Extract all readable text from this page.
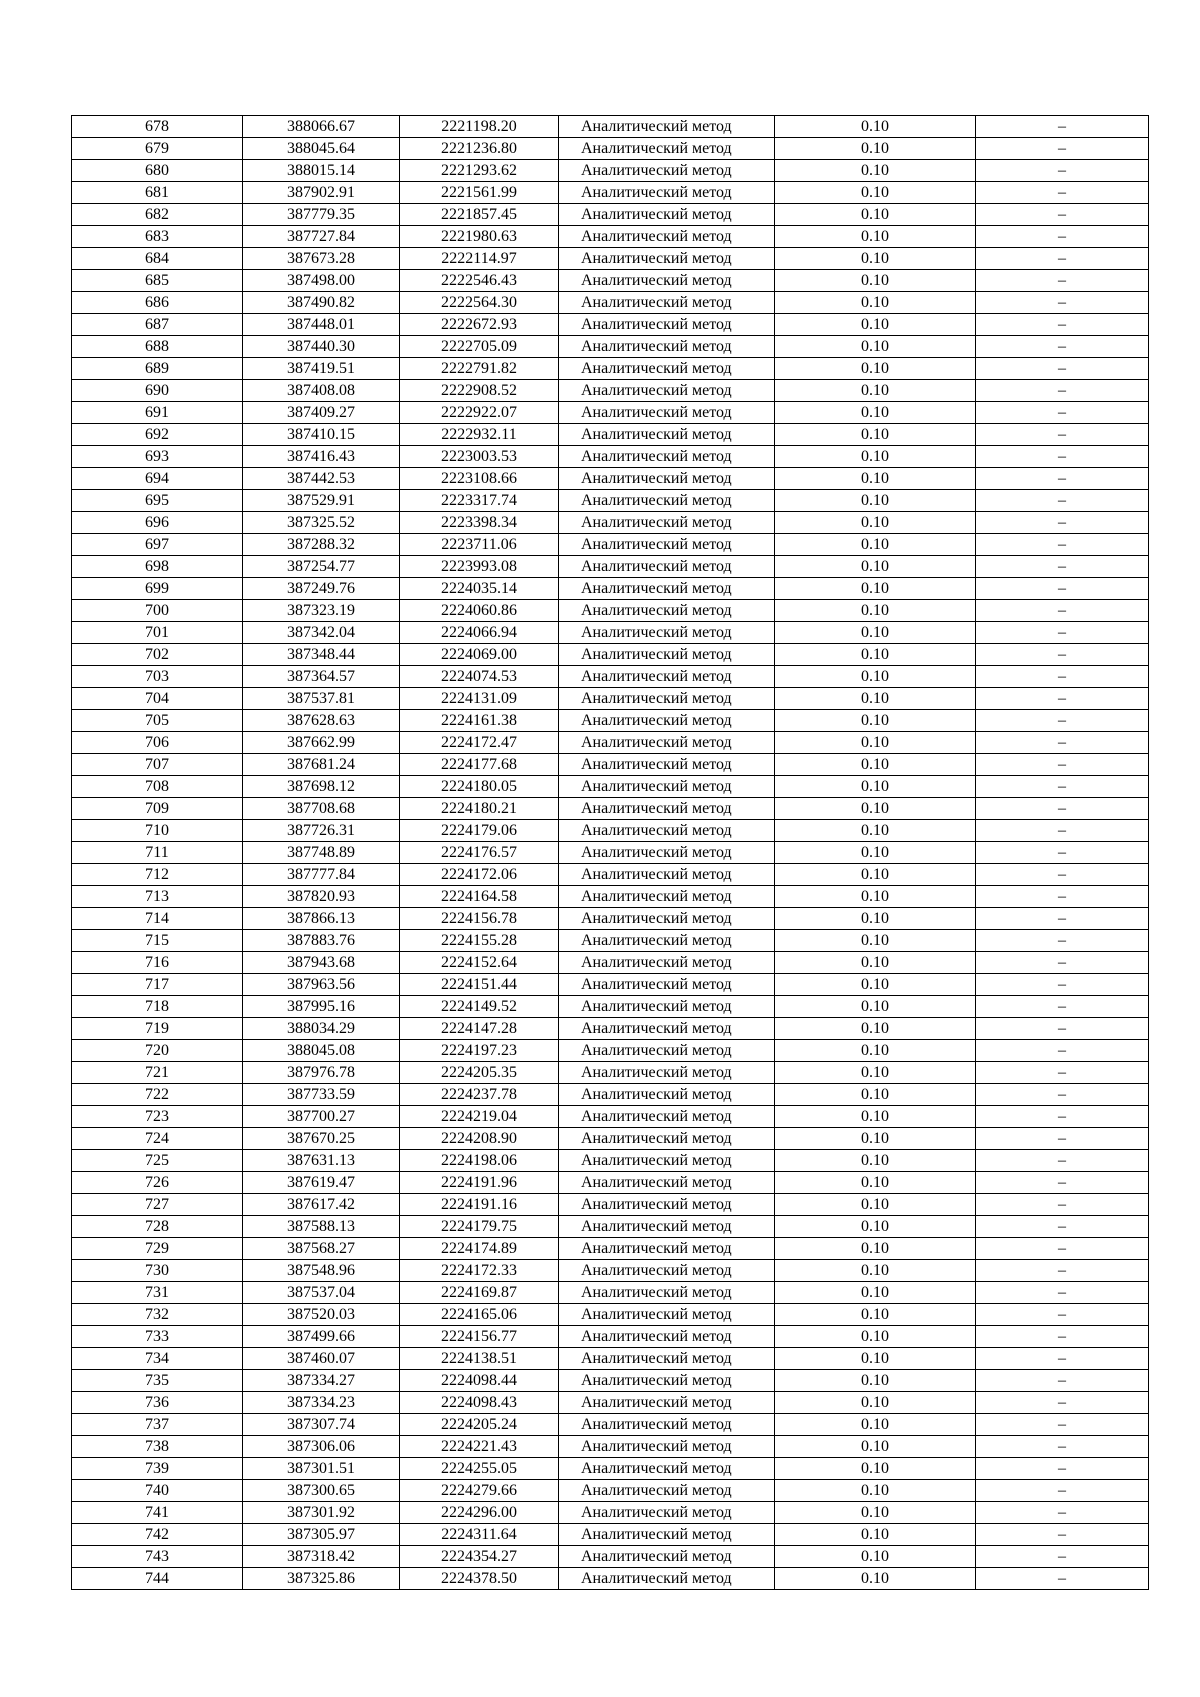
678	388066.67	2221198.20	Аналитический метод	0.10	–
679	388045.64	2221236.80	Аналитический метод	0.10	–
680	388015.14	2221293.62	Аналитический метод	0.10	–
681	387902.91	2221561.99	Аналитический метод	0.10	–
682	387779.35	2221857.45	Аналитический метод	0.10	–
683	387727.84	2221980.63	Аналитический метод	0.10	–
684	387673.28	2222114.97	Аналитический метод	0.10	–
685	387498.00	2222546.43	Аналитический метод	0.10	–
686	387490.82	2222564.30	Аналитический метод	0.10	–
687	387448.01	2222672.93	Аналитический метод	0.10	–
688	387440.30	2222705.09	Аналитический метод	0.10	–
689	387419.51	2222791.82	Аналитический метод	0.10	–
690	387408.08	2222908.52	Аналитический метод	0.10	–
691	387409.27	2222922.07	Аналитический метод	0.10	–
692	387410.15	2222932.11	Аналитический метод	0.10	–
693	387416.43	2223003.53	Аналитический метод	0.10	–
694	387442.53	2223108.66	Аналитический метод	0.10	–
695	387529.91	2223317.74	Аналитический метод	0.10	–
696	387325.52	2223398.34	Аналитический метод	0.10	–
697	387288.32	2223711.06	Аналитический метод	0.10	–
698	387254.77	2223993.08	Аналитический метод	0.10	–
699	387249.76	2224035.14	Аналитический метод	0.10	–
700	387323.19	2224060.86	Аналитический метод	0.10	–
701	387342.04	2224066.94	Аналитический метод	0.10	–
702	387348.44	2224069.00	Аналитический метод	0.10	–
703	387364.57	2224074.53	Аналитический метод	0.10	–
704	387537.81	2224131.09	Аналитический метод	0.10	–
705	387628.63	2224161.38	Аналитический метод	0.10	–
706	387662.99	2224172.47	Аналитический метод	0.10	–
707	387681.24	2224177.68	Аналитический метод	0.10	–
708	387698.12	2224180.05	Аналитический метод	0.10	–
709	387708.68	2224180.21	Аналитический метод	0.10	–
710	387726.31	2224179.06	Аналитический метод	0.10	–
711	387748.89	2224176.57	Аналитический метод	0.10	–
712	387777.84	2224172.06	Аналитический метод	0.10	–
713	387820.93	2224164.58	Аналитический метод	0.10	–
714	387866.13	2224156.78	Аналитический метод	0.10	–
715	387883.76	2224155.28	Аналитический метод	0.10	–
716	387943.68	2224152.64	Аналитический метод	0.10	–
717	387963.56	2224151.44	Аналитический метод	0.10	–
718	387995.16	2224149.52	Аналитический метод	0.10	–
719	388034.29	2224147.28	Аналитический метод	0.10	–
720	388045.08	2224197.23	Аналитический метод	0.10	–
721	387976.78	2224205.35	Аналитический метод	0.10	–
722	387733.59	2224237.78	Аналитический метод	0.10	–
723	387700.27	2224219.04	Аналитический метод	0.10	–
724	387670.25	2224208.90	Аналитический метод	0.10	–
725	387631.13	2224198.06	Аналитический метод	0.10	–
726	387619.47	2224191.96	Аналитический метод	0.10	–
727	387617.42	2224191.16	Аналитический метод	0.10	–
728	387588.13	2224179.75	Аналитический метод	0.10	–
729	387568.27	2224174.89	Аналитический метод	0.10	–
730	387548.96	2224172.33	Аналитический метод	0.10	–
731	387537.04	2224169.87	Аналитический метод	0.10	–
732	387520.03	2224165.06	Аналитический метод	0.10	–
733	387499.66	2224156.77	Аналитический метод	0.10	–
734	387460.07	2224138.51	Аналитический метод	0.10	–
735	387334.27	2224098.44	Аналитический метод	0.10	–
736	387334.23	2224098.43	Аналитический метод	0.10	–
737	387307.74	2224205.24	Аналитический метод	0.10	–
738	387306.06	2224221.43	Аналитический метод	0.10	–
739	387301.51	2224255.05	Аналитический метод	0.10	–
740	387300.65	2224279.66	Аналитический метод	0.10	–
741	387301.92	2224296.00	Аналитический метод	0.10	–
742	387305.97	2224311.64	Аналитический метод	0.10	–
743	387318.42	2224354.27	Аналитический метод	0.10	–
744	387325.86	2224378.50	Аналитический метод	0.10	–
